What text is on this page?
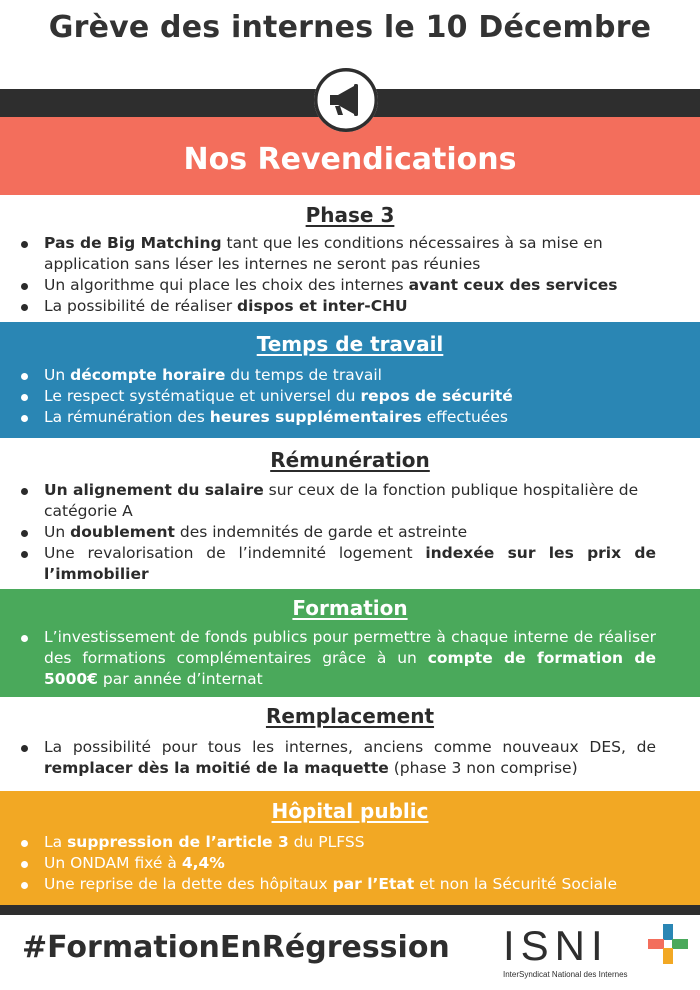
Grève des internes le 10 Décembre
Nos Revendications
Phase 3
Pas de Big Matching tant que les conditions nécessaires à sa mise en application sans léser les internes ne seront pas réunies
Un algorithme qui place les choix des internes avant ceux des services
La possibilité de réaliser dispos et inter-CHU
Temps de travail
Un décompte horaire du temps de travail
Le respect systématique et universel du repos de sécurité
La rémunération des heures supplémentaires effectuées
Rémunération
Un alignement du salaire sur ceux de la fonction publique hospitalière de catégorie A
Un doublement des indemnités de garde et astreinte
Une revalorisation de l’indemnité logement indexée sur les prix de l’immobilier
Formation
L’investissement de fonds publics pour permettre à chaque interne de réaliser des formations complémentaires grâce à un compte de formation de 5000€ par année d’internat
Remplacement
La possibilité pour tous les internes, anciens comme nouveaux DES, de remplacer dès la moitié de la maquette (phase 3 non comprise)
Hôpital public
La suppression de l’article 3 du PLFSS
Un ONDAM fixé à 4,4%
Une reprise de la dette des hôpitaux par l’Etat et non la Sécurité Sociale
#FormationEnRégression ISNI
InterSyndicat National des Internes
